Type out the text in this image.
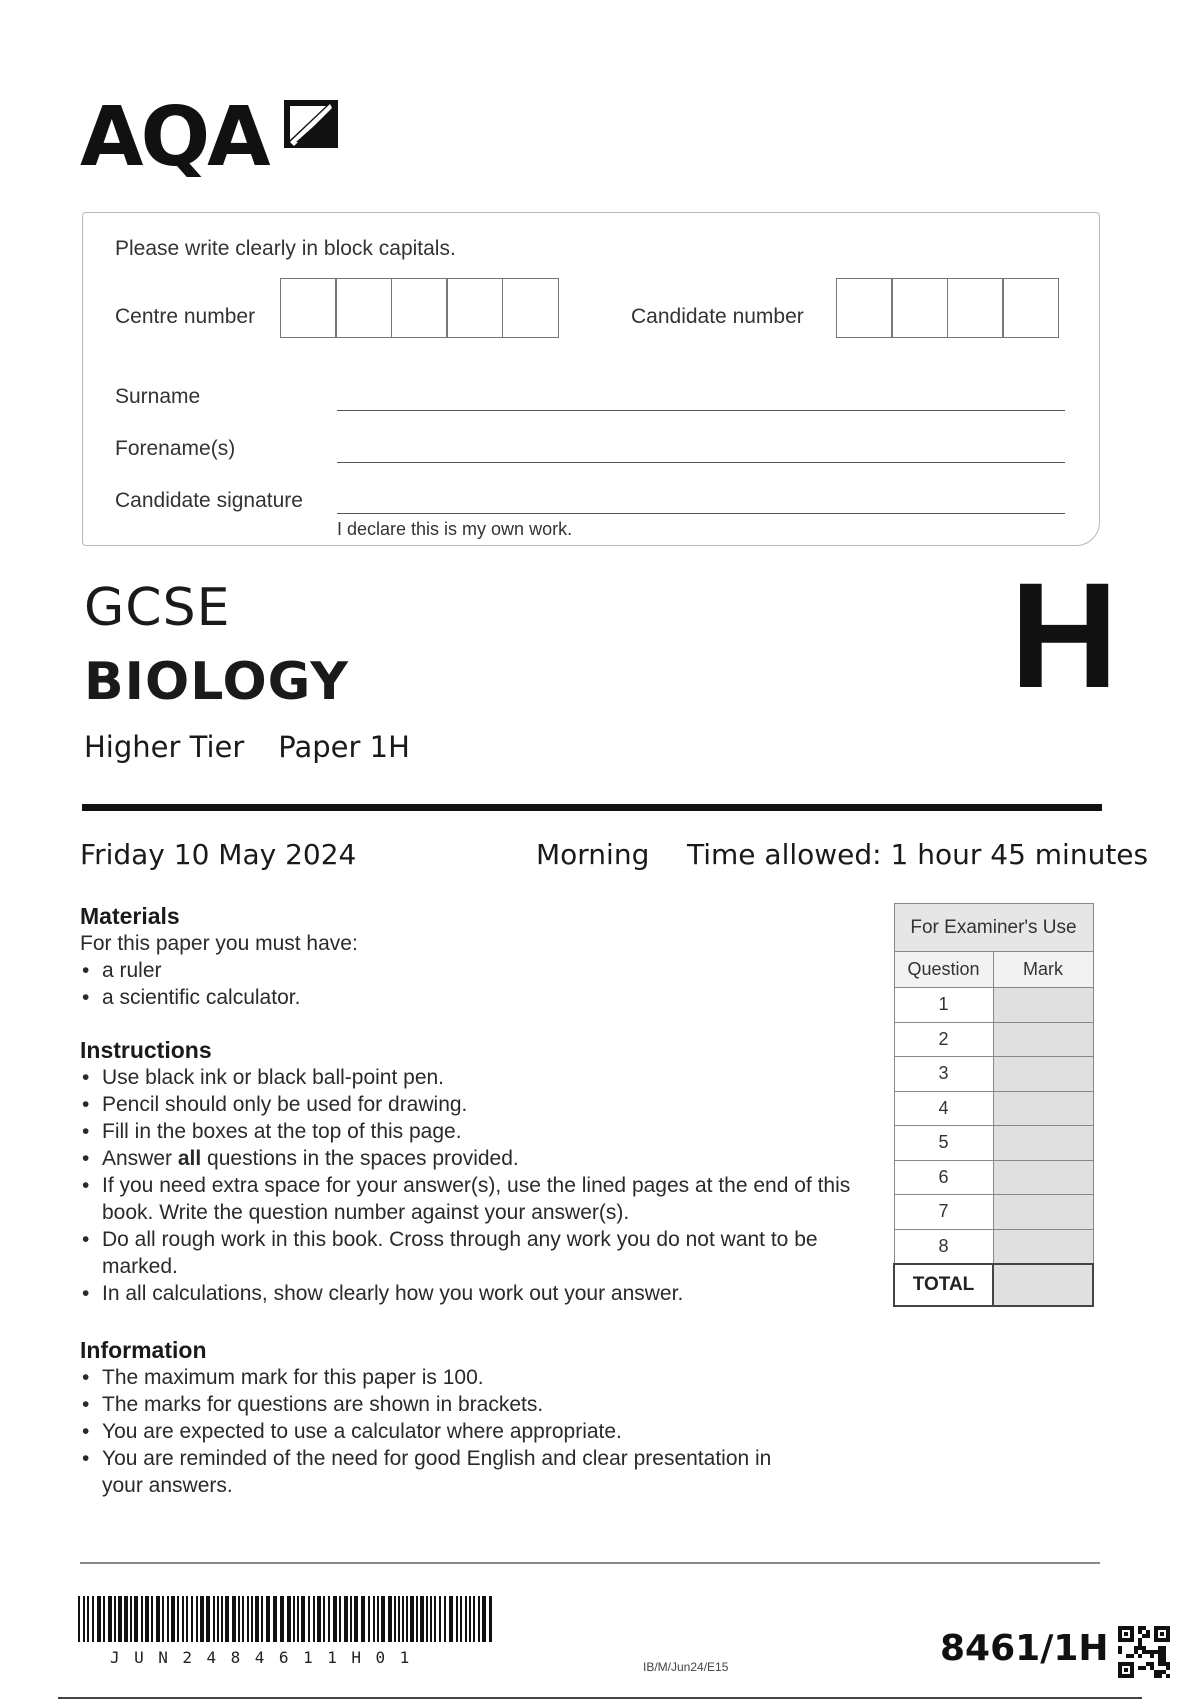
AQA
Please write clearly in block capitals.
Centre number	Candidate number
Surname
Forename(s)
Candidate signature
I declare this is my own work.
GCSE
BIOLOGY
Higher Tier Paper 1H
H
Friday 10 May 2024	Morning Time allowed: 1 hour 45 minutes
Materials
For this paper you must have:
• a ruler
• a scientific calculator.
Instructions
• Use black ink or black ball-point pen.
• Pencil should only be used for drawing.
• Fill in the boxes at the top of this page.
• Answer all questions in the spaces provided.
• If you need extra space for your answer(s), use the lined pages at the end of this book. Write the question number against your answer(s).
• Do all rough work in this book. Cross through any work you do not want to be marked.
• In all calculations, show clearly how you work out your answer.
Information
• The maximum mark for this paper is 100.
• The marks for questions are shown in brackets.
• You are expected to use a calculator where appropriate.
• You are reminded of the need for good English and clear presentation in your answers.
For Examiner's Use	
Question	Mark
1	
2	
3	
4	
5	
6	
7	
8	
TOTAL	
JUN2484611H01	IB/M/Jun24/E15	8461/1H
